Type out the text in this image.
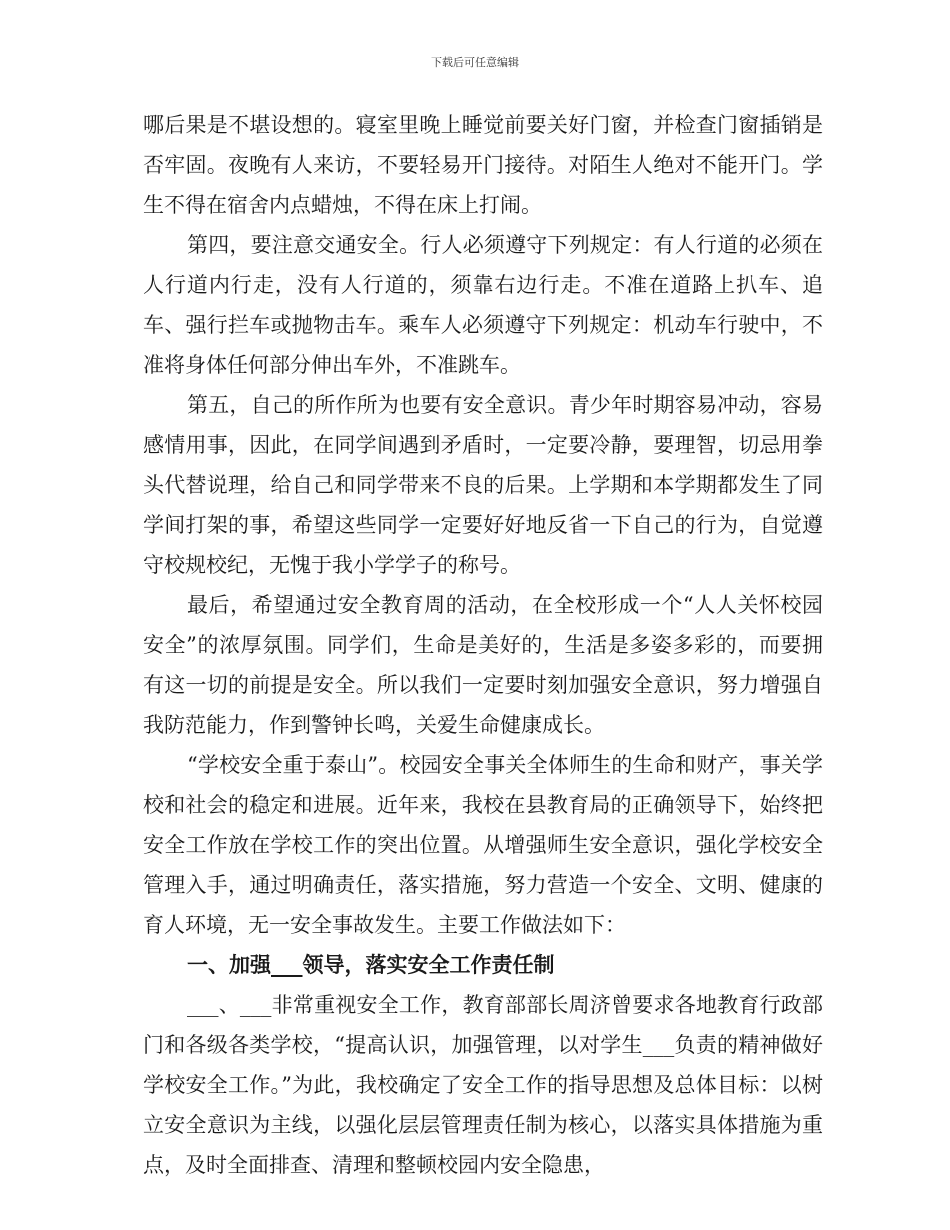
下载后可任意编辑

哪后果是不堪设想的。寝室里晚上睡觉前要关好门窗，并检查门窗插销是否牢固。夜晚有人来访，不要轻易开门接待。对陌生人绝对不能开门。学生不得在宿舍内点蜡烛，不得在床上打闹。

第四，要注意交通安全。行人必须遵守下列规定：有人行道的必须在人行道内行走，没有人行道的，须靠右边行走。不准在道路上扒车、追车、强行拦车或抛物击车。乘车人必须遵守下列规定：机动车行驶中，不准将身体任何部分伸出车外，不准跳车。

第五，自己的所作所为也要有安全意识。青少年时期容易冲动，容易感情用事，因此，在同学间遇到矛盾时，一定要冷静，要理智，切忌用拳头代替说理，给自己和同学带来不良的后果。上学期和本学期都发生了同学间打架的事，希望这些同学一定要好好地反省一下自己的行为，自觉遵守校规校纪，无愧于我小学学子的称号。

最后，希望通过安全教育周的活动，在全校形成一个“人人关怀校园安全”的浓厚氛围。同学们，生命是美好的，生活是多姿多彩的，而要拥有这一切的前提是安全。所以我们一定要时刻加强安全意识，努力增强自我防范能力，作到警钟长鸣，关爱生命健康成长。

“学校安全重于泰山”。校园安全事关全体师生的生命和财产，事关学校和社会的稳定和进展。近年来，我校在县教育局的正确领导下，始终把安全工作放在学校工作的突出位置。从增强师生安全意识，强化学校安全管理入手，通过明确责任，落实措施，努力营造一个安全、文明、健康的育人环境，无一安全事故发生。主要工作做法如下：

一、加强___领导，落实安全工作责任制

___、___非常重视安全工作，教育部部长周济曾要求各地教育行政部门和各级各类学校，“提高认识，加强管理，以对学生___负责的精神做好学校安全工作。”为此，我校确定了安全工作的指导思想及总体目标：以树立安全意识为主线，以强化层层管理责任制为核心，以落实具体措施为重点，及时全面排查、清理和整顿校园内安全隐患，
